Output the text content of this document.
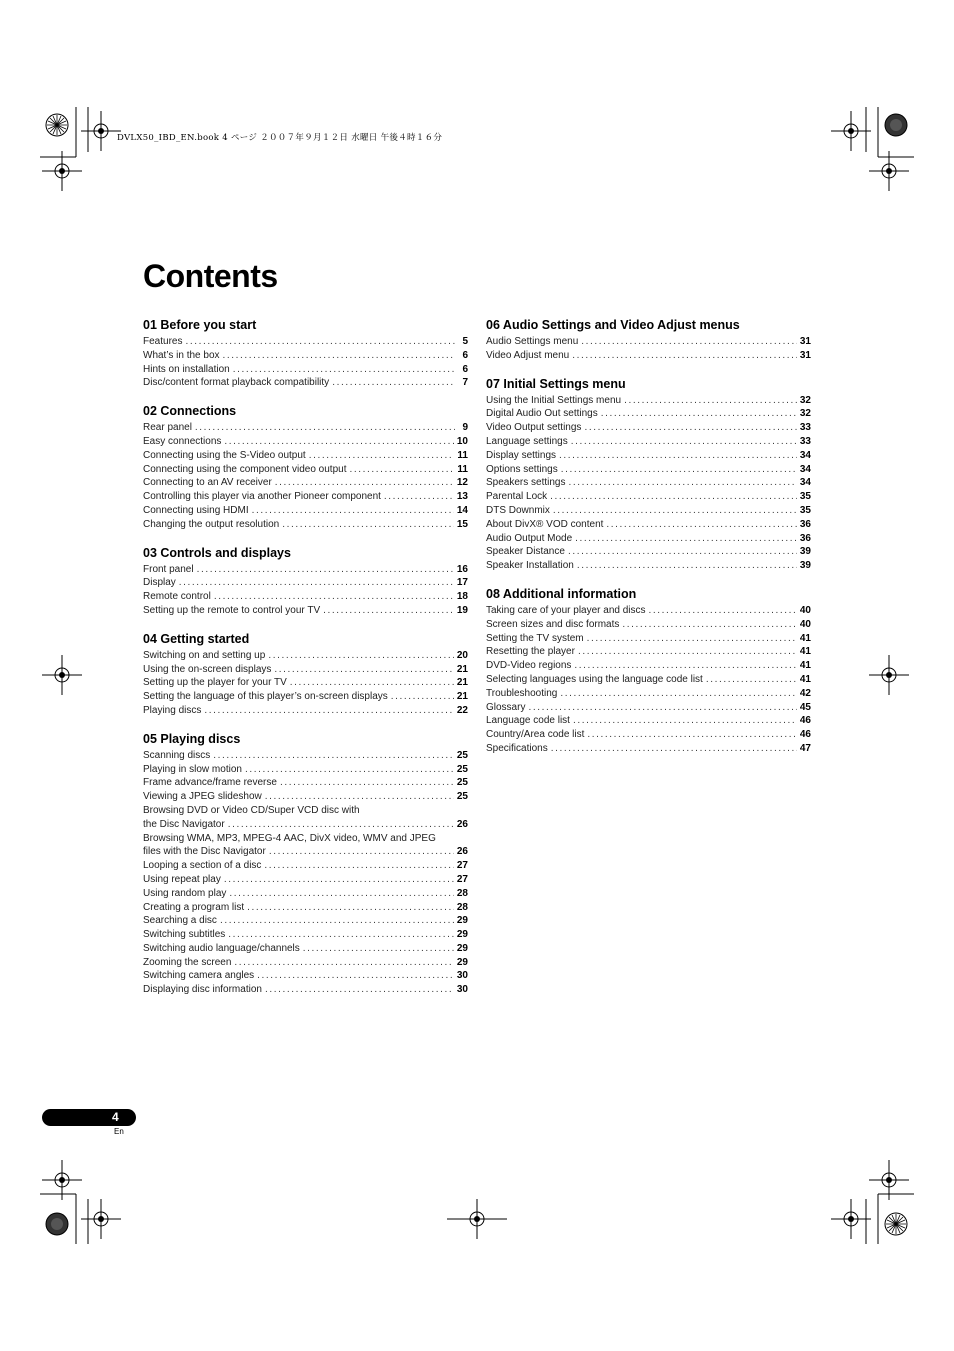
DVLX50_IBD_EN.book 4 ページ ２００７年９月１２日 水曜日 午後４時１６分
Contents
01 Before you start
Features .....	5
What’s in the box .....	6
Hints on installation .....	6
Disc/content format playback compatibility .....	7
02 Connections
Rear panel .....	9
Easy connections .....	10
Connecting using the S-Video output .....	11
Connecting using the component video output .....	11
Connecting to an AV receiver .....	12
Controlling this player via another Pioneer component .....	13
Connecting using HDMI .....	14
Changing the output resolution .....	15
03 Controls and displays
Front panel .....	16
Display .....	17
Remote control .....	18
Setting up the remote to control your TV .....	19
04 Getting started
Switching on and setting up .....	20
Using the on-screen displays .....	21
Setting up the player for your TV .....	21
Setting the language of this player’s on-screen displays .....	21
Playing discs .....	22
05 Playing discs
Scanning discs .....	25
Playing in slow motion .....	25
Frame advance/frame reverse .....	25
Viewing a JPEG slideshow .....	25
Browsing DVD or Video CD/Super VCD disc with
the Disc Navigator .....	26
Browsing WMA, MP3, MPEG-4 AAC, DivX video, WMV and JPEG
files with the Disc Navigator .....	26
Looping a section of a disc .....	27
Using repeat play .....	27
Using random play .....	28
Creating a program list .....	28
Searching a disc .....	29
Switching subtitles .....	29
Switching audio language/channels .....	29
Zooming the screen .....	29
Switching camera angles .....	30
Displaying disc information .....	30
06 Audio Settings and Video Adjust menus
Audio Settings menu .....	31
Video Adjust menu .....	31
07 Initial Settings menu
Using the Initial Settings menu .....	32
Digital Audio Out settings .....	32
Video Output settings .....	33
Language settings .....	33
Display settings .....	34
Options settings .....	34
Speakers settings .....	34
Parental Lock .....	35
DTS Downmix .....	35
About DivX® VOD content .....	36
Audio Output Mode .....	36
Speaker Distance .....	39
Speaker Installation .....	39
08 Additional information
Taking care of your player and discs .....	40
Screen sizes and disc formats .....	40
Setting the TV system .....	41
Resetting the player .....	41
DVD-Video regions .....	41
Selecting languages using the language code list .....	41
Troubleshooting .....	42
Glossary .....	45
Language code list .....	46
Country/Area code list .....	46
Specifications .....	47
4
En
